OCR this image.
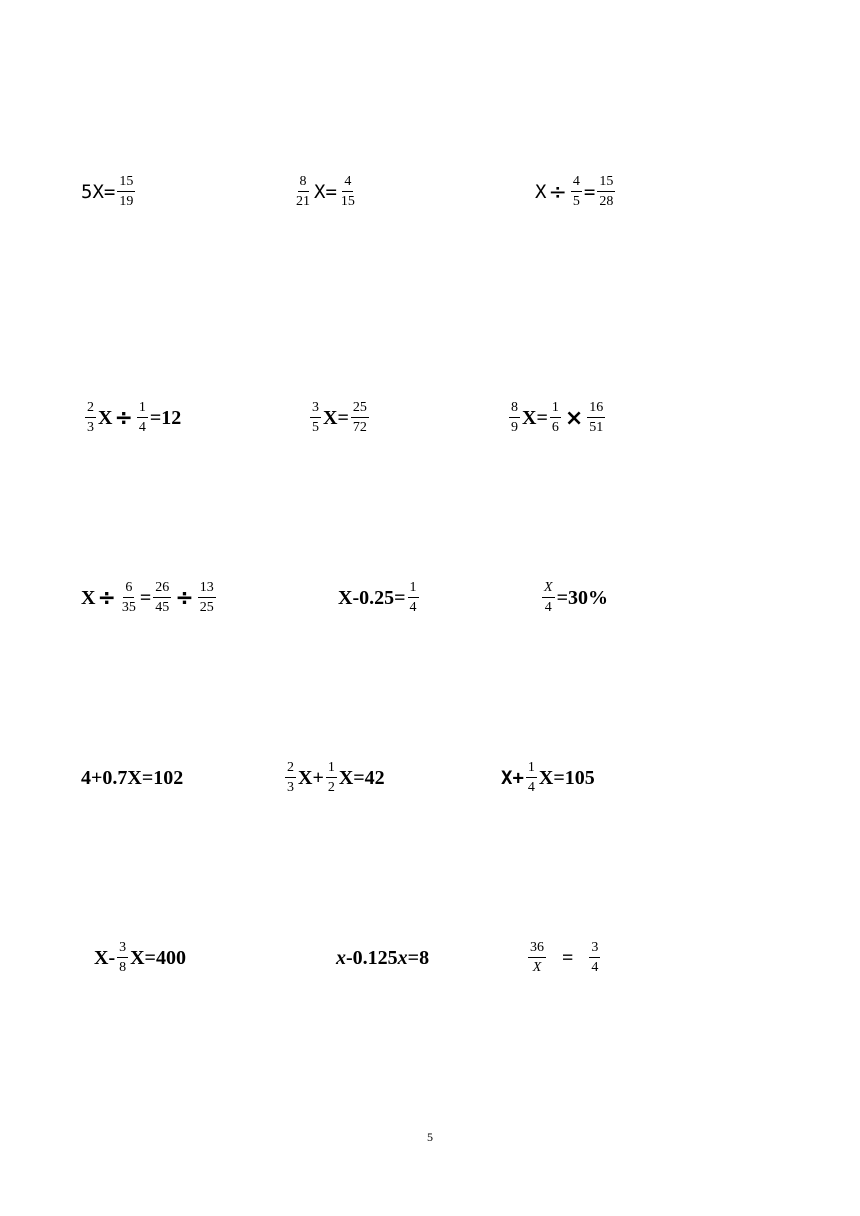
$5X= \frac{15}{19}$	$\frac{8}{21} X= \frac{4}{15}$	$X \div \frac{4}{5} = \frac{15}{28}$
$\frac{2}{3}$ $X \div \frac{1}{4} =12$	$\frac{3}{5} X= \frac{25}{72}$	$\frac{8}{9} X= \frac{1}{6} \times \frac{16}{51}$
$X \div \frac{6}{35} = \frac{26}{45} \div \frac{13}{25}$	$X-0.25= \frac{1}{4}$	$\frac{X}{4} =30\%$
4+0.7X=102	$\frac{2}{3} X+ \frac{1}{2} X=42$	$X+ \frac{1}{4} X=105$
$X- \frac{3}{8} X=400$	x -0.125 x =8	$\frac{36}{X} = \frac{3}{4}$
5
